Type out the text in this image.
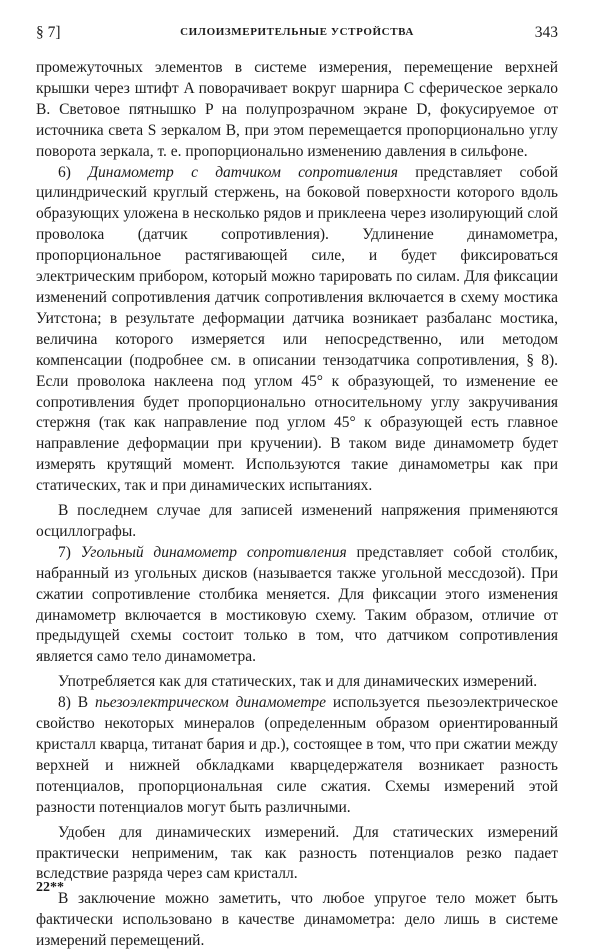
§ 7]	СИЛОИЗМЕРИТЕЛЬНЫЕ УСТРОЙСТВА	343

промежуточных элементов в системе измерения, перемещение верхней крышки через штифт A поворачивает вокруг шарнира C сферическое зеркало B. Световое пятнышко P на полупрозрачном экране D, фокусируемое от источника света S зеркалом B, при этом перемещается пропорционально углу поворота зеркала, т. е. пропорционально изменению давления в сильфоне.

6) Динамометр с датчиком сопротивления представляет собой цилиндрический круглый стержень, на боковой поверхности которого вдоль образующих уложена в несколько рядов и приклеена через изолирующий слой проволока (датчик сопротивления). Удлинение динамометра, пропорциональное растягивающей силе, и будет фиксироваться электрическим прибором, который можно тарировать по силам. Для фиксации изменений сопротивления датчик сопротивления включается в схему мостика Уитстона; в результате деформации датчика возникает разбаланс мостика, величина которого измеряется или непосредственно, или методом компенсации (подробнее см. в описании тензодатчика сопротивления, § 8). Если проволока наклеена под углом 45° к образующей, то изменение ее сопротивления будет пропорционально относительному углу закручивания стержня (так как направление под углом 45° к образующей есть главное направление деформации при кручении). В таком виде динамометр будет измерять крутящий момент. Используются такие динамометры как при статических, так и при динамических испытаниях.

В последнем случае для записей изменений напряжения применяются осциллографы.

7) Угольный динамометр сопротивления представляет собой столбик, набранный из угольных дисков (называется также угольной мессдозой). При сжатии сопротивление столбика меняется. Для фиксации этого изменения динамометр включается в мостиковую схему. Таким образом, отличие от предыдущей схемы состоит только в том, что датчиком сопротивления является само тело динамометра.

Употребляется как для статических, так и для динамических измерений.

8) В пьезоэлектрическом динамометре используется пьезоэлектрическое свойство некоторых минералов (определенным образом ориентированный кристалл кварца, титанат бария и др.), состоящее в том, что при сжатии между верхней и нижней обкладками кварцедержателя возникает разность потенциалов, пропорциональная силе сжатия. Схемы измерений этой разности потенциалов могут быть различными.

Удобен для динамических измерений. Для статических измерений практически неприменим, так как разность потенциалов резко падает вследствие разряда через сам кристалл.

В заключение можно заметить, что любое упругое тело может быть фактически использовано в качестве динамометра: дело лишь в системе измерений перемещений.

22**
